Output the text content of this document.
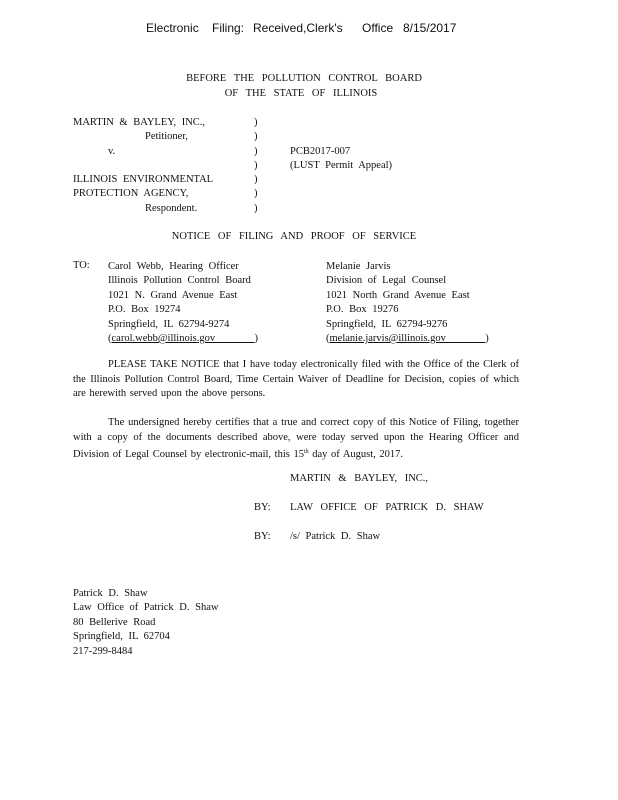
Electronic Filing: Received,Clerk's Office 8/15/2017
BEFORE THE POLLUTION CONTROL BOARD
OF THE STATE OF ILLINOIS
MARTIN & BAYLEY, INC.,
Petitioner,
v.
ILLINOIS ENVIRONMENTAL
PROTECTION AGENCY,
Respondent.
)
)
)
)
)
)
)
PCB2017-007
(LUST Permit Appeal)
NOTICE OF FILING AND PROOF OF SERVICE
TO: Carol Webb, Hearing Officer
Illinois Pollution Control Board
1021 N. Grand Avenue East
P.O. Box 19274
Springfield, IL 62794-9274
(carol.webb@illinois.gov	)
Melanie Jarvis
Division of Legal Counsel
1021 North Grand Avenue East
P.O. Box 19276
Springfield, IL 62794-9276
(melanie.jarvis@illinois.gov	)
PLEASE TAKE NOTICE that I have today electronically filed with the Office of the Clerk of the Illinois Pollution Control Board, Time Certain Waiver of Deadline for Decision, copies of which are herewith served upon the above persons.
The undersigned hereby certifies that a true and correct copy of this Notice of Filing, together with a copy of the documents described above, were today served upon the Hearing Officer and Division of Legal Counsel by electronic-mail, this 15th day of August, 2017.
MARTIN & BAYLEY, INC.,
BY: LAW OFFICE OF PATRICK D. SHAW
BY: /s/ Patrick D. Shaw
Patrick D. Shaw
Law Office of Patrick D. Shaw
80 Bellerive Road
Springfield, IL 62704
217-299-8484
